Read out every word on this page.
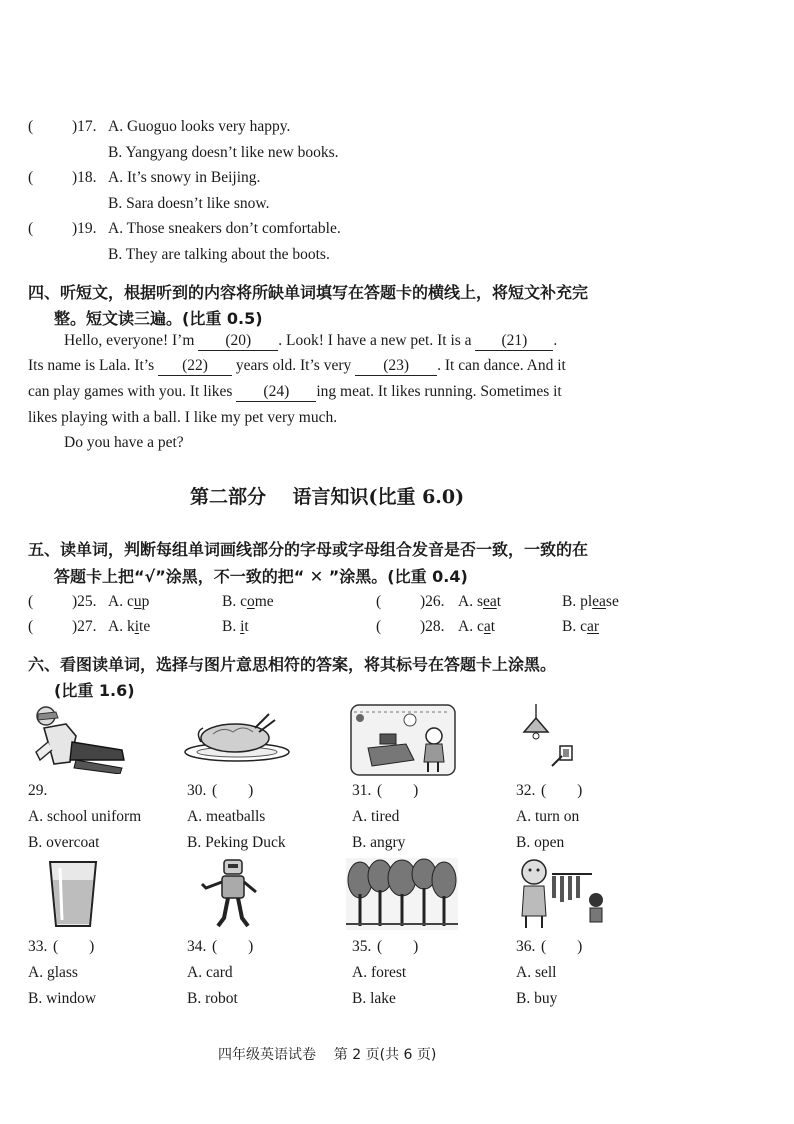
(	)17. A. Guoguo looks very happy.
B. Yangyang doesn’t like new books.
(	)18. A. It’s snowy in Beijing.
B. Sara doesn’t like snow.
(	)19. A. Those sneakers don’t comfortable.
B. They are talking about the boots.
四、听短文，根据听到的内容将所缺单词填写在答题卡的横线上，将短文补充完
整。短文读三遍。(比重 0.5)
Hello, everyone! I’m (20) . Look! I have a new pet. It is a (21) .
Its name is Lala. It’s (22) years old. It’s very (23) . It can dance. And it
can play games with you. It likes (24) ing meat. It likes running. Sometimes it
likes playing with a ball. I like my pet very much.
Do you have a pet?
第二部分    语言知识(比重 6.0)
五、读单词，判断每组单词画线部分的字母或字母组合发音是否一致，一致的在
答题卡上把“√”涂黑，不一致的把“ ✕ ”涂黑。(比重 0.4)
(	)25. A. cup	B. come	(	)26. A. seat	B. please
(	)27. A. kite	B. it	(	)28. A. cat	B. car
六、看图读单词，选择与图片意思相符的答案，将其标号在答题卡上涂黑。
(比重 1.6)
29.
A. school uniform
B. overcoat
30. (        )
A. meatballs
B. Peking Duck
31. (        )
A. tired
B. angry
32. (        )
A. turn on
B. open
33. (        )
A. glass
B. window
34. (        )
A. card
B. robot
35. (        )
A. forest
B. lake
36. (        )
A. sell
B. buy
四年级英语试卷    第 2 页(共 6 页)
